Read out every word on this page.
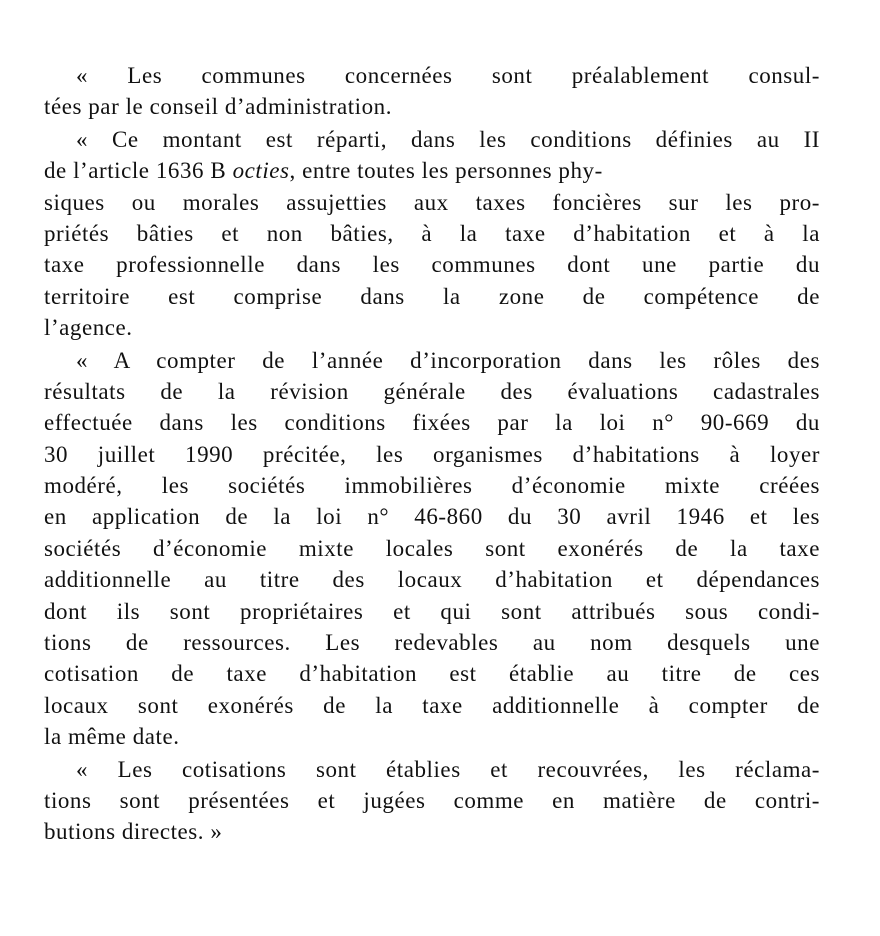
« Les communes concernées sont préalablement consul-
tées par le conseil d’administration.
« Ce montant est réparti, dans les conditions définies au II
de l’article 1636 B octies, entre toutes les personnes phy-
siques ou morales assujetties aux taxes foncières sur les pro-
priétés bâties et non bâties, à la taxe d’habitation et à la
taxe professionnelle dans les communes dont une partie du
territoire est comprise dans la zone de compétence de
l’agence.
« A compter de l’année d’incorporation dans les rôles des
résultats de la révision générale des évaluations cadastrales
effectuée dans les conditions fixées par la loi n° 90-669 du
30 juillet 1990 précitée, les organismes d’habitations à loyer
modéré, les sociétés immobilières d’économie mixte créées
en application de la loi n° 46-860 du 30 avril 1946 et les
sociétés d’économie mixte locales sont exonérés de la taxe
additionnelle au titre des locaux d’habitation et dépendances
dont ils sont propriétaires et qui sont attribués sous condi-
tions de ressources. Les redevables au nom desquels une
cotisation de taxe d’habitation est établie au titre de ces
locaux sont exonérés de la taxe additionnelle à compter de
la même date.
« Les cotisations sont établies et recouvrées, les réclama-
tions sont présentées et jugées comme en matière de contri-
butions directes. »
